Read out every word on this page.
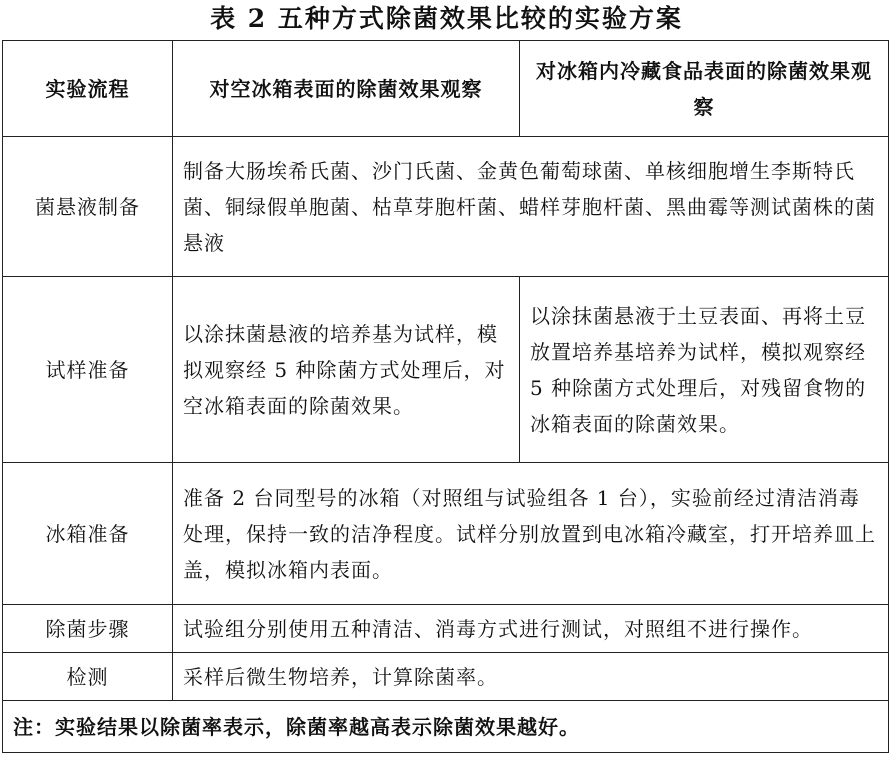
表 2 五种方式除菌效果比较的实验方案
实验流程	对空冰箱表面的除菌效果观察	对冰箱内冷藏食品表面的除菌效果观察
菌悬液制备	制备大肠埃希氏菌、沙门氏菌、金黄色葡萄球菌、单核细胞增生李斯特氏菌、铜绿假单胞菌、枯草芽胞杆菌、蜡样芽胞杆菌、黑曲霉等测试菌株的菌悬液	
试样准备	以涂抹菌悬液的培养基为试样，模拟观察经 5 种除菌方式处理后，对空冰箱表面的除菌效果。	以涂抹菌悬液于土豆表面、再将土豆放置培养基培养为试样，模拟观察经 5 种除菌方式处理后，对残留食物的冰箱表面的除菌效果。
冰箱准备	准备 2 台同型号的冰箱（对照组与试验组各 1 台），实验前经过清洁消毒处理，保持一致的洁净程度。试样分别放置到电冰箱冷藏室，打开培养皿上盖，模拟冰箱内表面。	
除菌步骤	试验组分别使用五种清洁、消毒方式进行测试，对照组不进行操作。	
检测	采样后微生物培养，计算除菌率。	
注：实验结果以除菌率表示，除菌率越高表示除菌效果越好。		
